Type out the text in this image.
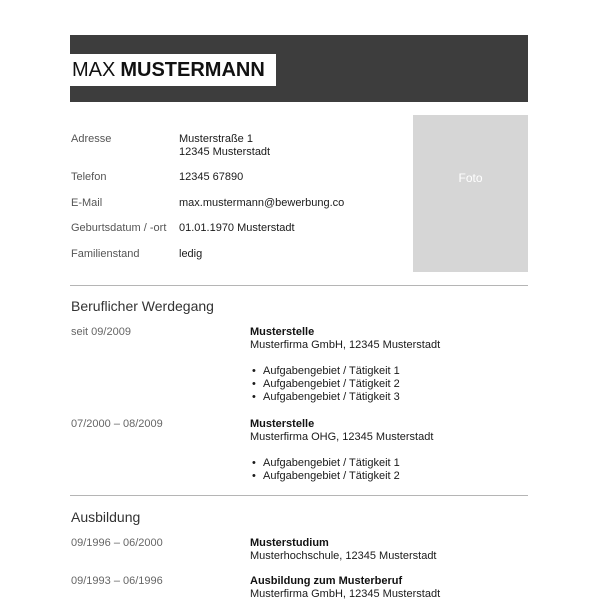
MAX MUSTERMANN
Foto
Adresse	Musterstraße 1
12345 Musterstadt
Telefon	12345 67890
E-Mail	max.mustermann@bewerbung.co
Geburtsdatum / -ort 01.01.1970 Musterstadt
Familienstand	ledig
Beruflicher Werdegang
seit 09/2009	Musterstelle
Musterfirma GmbH, 12345 Musterstadt
• Aufgabengebiet / Tätigkeit 1
• Aufgabengebiet / Tätigkeit 2
• Aufgabengebiet / Tätigkeit 3
07/2000 – 08/2009	Musterstelle
Musterfirma OHG, 12345 Musterstadt
• Aufgabengebiet / Tätigkeit 1
• Aufgabengebiet / Tätigkeit 2
Ausbildung
09/1996 – 06/2000	Musterstudium
Musterhochschule, 12345 Musterstadt
09/1993 – 06/1996	Ausbildung zum Musterberuf
Musterfirma GmbH, 12345 Musterstadt
